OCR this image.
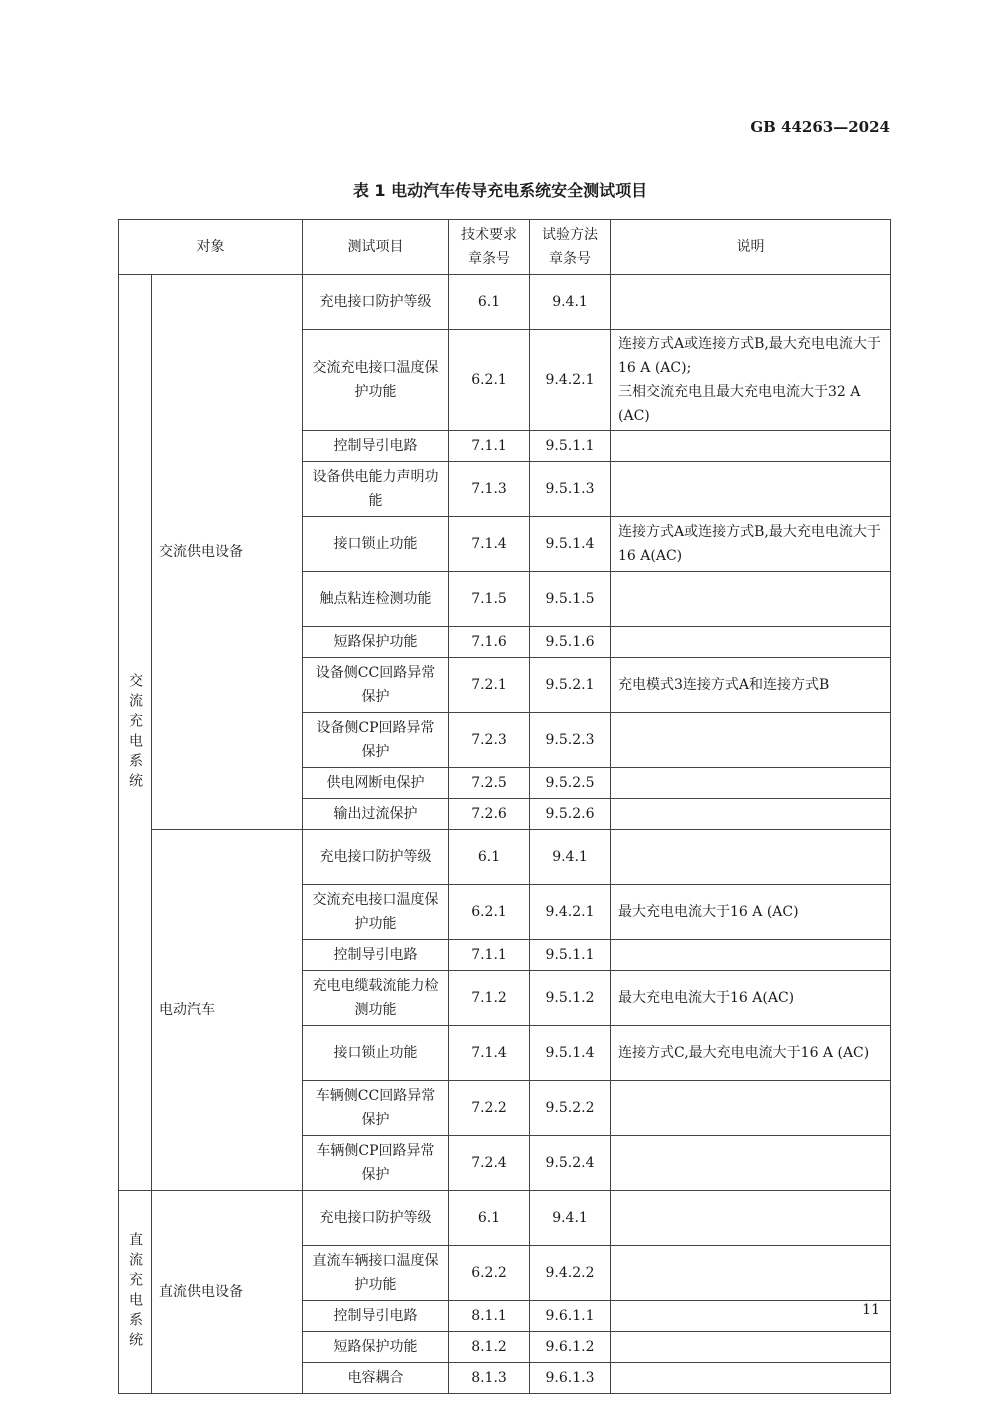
GB 44263—2024
表 1 电动汽车传导充电系统安全测试项目
对象		测试项目	技术要求章条号	试验方法章条号	说明
交流充电系统	交流供电设备	充电接口防护等级	6.1	9.4.1	
		交流充电接口温度保护功能	6.2.1	9.4.2.1	连接方式A或连接方式B,最大充电电流大于16 A (AC);
三相交流充电且最大充电电流大于32 A (AC)
		控制导引电路	7.1.1	9.5.1.1	
		设备供电能力声明功能	7.1.3	9.5.1.3	
		接口锁止功能	7.1.4	9.5.1.4	连接方式A或连接方式B,最大充电电流大于16 A(AC)
		触点粘连检测功能	7.1.5	9.5.1.5	
		短路保护功能	7.1.6	9.5.1.6	
		设备侧CC回路异常保护	7.2.1	9.5.2.1	充电模式3连接方式A和连接方式B
		设备侧CP回路异常保护	7.2.3	9.5.2.3	
		供电网断电保护	7.2.5	9.5.2.5	
		输出过流保护	7.2.6	9.5.2.6	
	电动汽车	充电接口防护等级	6.1	9.4.1	
		交流充电接口温度保护功能	6.2.1	9.4.2.1	最大充电电流大于16 A (AC)
		控制导引电路	7.1.1	9.5.1.1	
		充电电缆载流能力检测功能	7.1.2	9.5.1.2	最大充电电流大于16 A(AC)
		接口锁止功能	7.1.4	9.5.1.4	连接方式C,最大充电电流大于16 A (AC)
		车辆侧CC回路异常保护	7.2.2	9.5.2.2	
		车辆侧CP回路异常保护	7.2.4	9.5.2.4	
直流充电系统	直流供电设备	充电接口防护等级	6.1	9.4.1	
		直流车辆接口温度保护功能	6.2.2	9.4.2.2	
		控制导引电路	8.1.1	9.6.1.1	
		短路保护功能	8.1.2	9.6.1.2	
		电容耦合	8.1.3	9.6.1.3	
11
